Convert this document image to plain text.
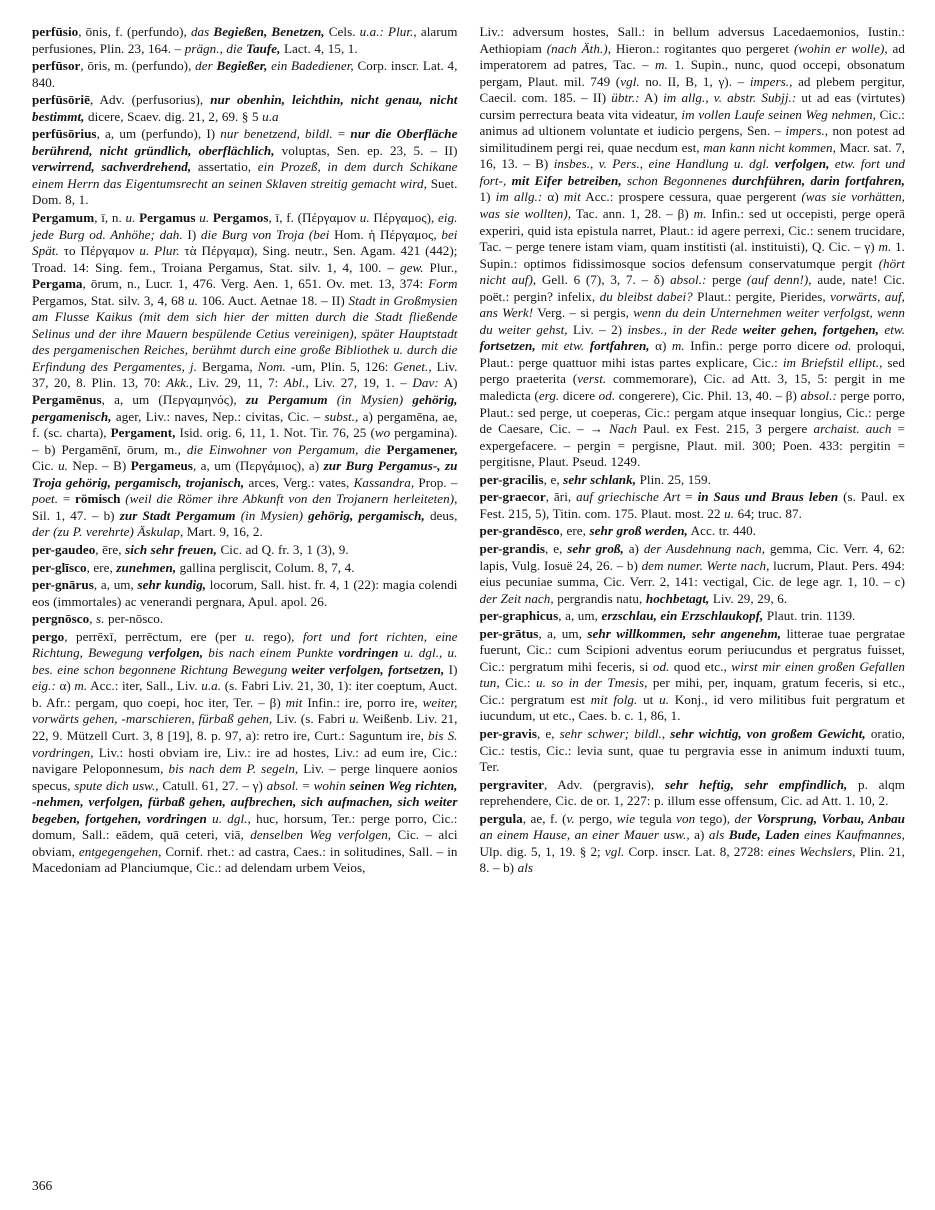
perfūsio, ōnis, f. (perfundo), das Begießen, Benetzen, Cels. u.a.: Plur., alarum perfusiones, Plin. 23, 164. – prägn., die Taufe, Lact. 4, 15, 1.

perfūsor, ōris, m. (perfundo), der Begießer, ein Badediener, Corp. inscr. Lat. 4, 840.

perfūsōriē, Adv. (perfusorius), nur obenhin, leichthin, nicht genau, nicht bestimmt, dicere, Scaev. dig. 21, 2, 69. § 5 u.a

perfūsōrius, a, um (perfundo), I) nur benetzend, bildl. = nur die Oberfläche berührend, nicht gründlich, oberflächlich, voluptas, Sen. ep. 23, 5. – II) verwirrend, sachverdrehend, assertatio, ein Prozeß, in dem durch Schikane einem Herrn das Eigentumsrecht an seinen Sklaven streitig gemacht wird, Suet. Dom. 8, 1.

Pergamum, ī, n. u. Pergamus u. Pergamos, ī, f. (Πέργαμον u. Πέργαμος), eig. jede Burg od. Anhöhe; dah. I) die Burg von Troja (bei Hom. ἡ Πέργαμος, bei Spät. το Πέργαμον u. Plur. τὰ Πέργαμα), Sing. neutr., Sen. Agam. 421 (442); Troad. 14: Sing. fem., Troiana Pergamus, Stat. silv. 1, 4, 100. – gew. Plur., Pergama, ōrum, n., Lucr. 1, 476. Verg. Aen. 1, 651. Ov. met. 13, 374: Form Pergamos, Stat. silv. 3, 4, 68 u. 106. Auct. Aetnae 18. – II) Stadt in Großmysien am Flusse Kaikus (mit dem sich hier der mitten durch die Stadt fließende Selinus und der ihre Mauern bespülende Cetius vereinigen), später Hauptstadt des pergamenischen Reiches, berühmt durch eine große Bibliothek u. durch die Erfindung des Pergamentes, j. Bergama, Nom. -um, Plin. 5, 126: Genet., Liv. 37, 20, 8. Plin. 13, 70: Akk., Liv. 29, 11, 7: Abl., Liv. 27, 19, 1. – Dav: A) Pergamēnus, a, um (Περγαμηνός), zu Pergamum (in Mysien) gehörig, pergamenisch, ager, Liv.: naves, Nep.: civitas, Cic. – subst., a) pergamēna, ae, f. (sc. charta), Pergament, Isid. orig. 6, 11, 1. Not. Tir. 76, 25 (wo pergamina). – b) Pergamēnī, ōrum, m., die Einwohner von Pergamum, die Pergamener, Cic. u. Nep. – B) Pergameus, a, um (Περγάμιος), a) zur Burg Pergamus-, zu Troja gehörig, pergamisch, trojanisch, arces, Verg.: vates, Kassandra, Prop. – poet. = römisch (weil die Römer ihre Abkunft von den Trojanern herleiteten), Sil. 1, 47. – b) zur Stadt Pergamum (in Mysien) gehörig, pergamisch, deus, der (zu P. verehrte) Äskulap, Mart. 9, 16, 2.

per-gaudeo, ēre, sich sehr freuen, Cic. ad Q. fr. 3, 1 (3), 9.

per-glīsco, ere, zunehmen, gallina pergliscit, Colum. 8, 7, 4.

per-gnārus, a, um, sehr kundig, locorum, Sall. hist. fr. 4, 1 (22): magia colendi eos (immortales) ac venerandi pergnara, Apul. apol. 26.

pergnōsco, s. per-nōsco.

pergo, perrēxī, perrēctum, ere (per u. rego), fort und fort richten, eine Richtung, Bewegung verfolgen, bis nach einem Punkte vordringen u. dgl., u. bes. eine schon begonnene Richtung Bewegung weiter verfolgen, fortsetzen, I) eig.: α) m. Acc.: iter, Sall., Liv. u.a. (s. Fabri Liv. 21, 30, 1): iter coeptum, Auct. b. Afr.: pergam, quo coepi, hoc iter, Ter. – β) mit Infin.: ire, porro ire, weiter, vorwärts gehen, -marschieren, fürbaß gehen, Liv. (s. Fabri u. Weißenb. Liv. 21, 22, 9. Mützell Curt. 3, 8 [19], 8. p. 97, a): retro ire, Curt.: Saguntum ire, bis S. vordringen, Liv.: hosti obviam ire, Liv.: ire ad hostes, Liv.: ad eum ire, Cic.: navigare Peloponnesum, bis nach dem P. segeln, Liv. – perge linquere aonios specus, spute dich usw., Catull. 61, 27. – γ) absol. = wohin seinen Weg richten, -nehmen, verfolgen, fürbaß gehen, aufbrechen, sich aufmachen, sich weiter begeben, fortgehen, vordringen u. dgl., huc, horsum, Ter.: perge porro, Cic.: domum, Sall.: eādem, quā ceteri, viā, denselben Weg verfolgen, Cic. – alci obviam, entgegengehen, Cornif. rhet.: ad castra, Caes.: in solitudines, Sall. – in Macedoniam ad Planciumque, Cic.: ad delendam urbem Veios,

Liv.: adversum hostes, Sall.: in bellum adversus Lacedaemonios, Iustin.: Aethiopiam (nach Äth.), Hieron.: rogitantes quo pergeret (wohin er wolle), ad imperatorem ad patres, Tac. – m. 1. Supin., nunc, quod occepi, obsonatum pergam, Plaut. mil. 749 (vgl. no. II, B, 1, γ). – impers., ad plebem pergitur, Caecil. com. 185. – II) übtr.: A) im allg., v. abstr. Subjj.: ut ad eas (virtutes) cursim perrectura beata vita videatur, im vollen Laufe seinen Weg nehmen, Cic.: animus ad ultionem voluntate et iudicio pergens, Sen. – impers., non potest ad similitudinem pergi rei, quae necdum est, man kann nicht kommen, Macr. sat. 7, 16, 13. – B) insbes., v. Pers., eine Handlung u. dgl. verfolgen, etw. fort und fort-, mit Eifer betreiben, schon Begonnenes durchführen, darin fortfahren, 1) im allg.: α) mit Acc.: prospere cessura, quae pergerent (was sie vorhätten, was sie wollten), Tac. ann. 1, 28. – β) m. Infin.: sed ut occepisti, perge operā experiri, quid ista epistula narret, Plaut.: id agere perrexi, Cic.: senem trucidare, Tac. – perge tenere istam viam, quam institisti (al. instituisti), Q. Cic. – γ) m. 1. Supin.: optimos fidissimosque socios defensum conservatumque pergit (hört nicht auf), Gell. 6 (7), 3, 7. – δ) absol.: perge (auf denn!), aude, nate! Cic. poët.: pergin? infelix, du bleibst dabei? Plaut.: pergite, Pierides, vorwärts, auf, ans Werk! Verg. – si pergis, wenn du dein Unternehmen weiter verfolgst, wenn du weiter gehst, Liv. – 2) insbes., in der Rede weiter gehen, fortgehen, etw. fortsetzen, mit etw. fortfahren, α) m. Infin.: perge porro dicere od. proloqui, Plaut.: perge quattuor mihi istas partes explicare, Cic.: im Briefstil ellipt., sed pergo praeterita (verst. commemorare), Cic. ad Att. 3, 15, 5: pergit in me maledicta (erg. dicere od. congerere), Cic. Phil. 13, 40. – β) absol.: perge porro, Plaut.: sed perge, ut coeperas, Cic.: pergam atque insequar longius, Cic.: perge de Caesare, Cic. – → Nach Paul. ex Fest. 215, 3 pergere archaist. auch = expergefacere. – pergin = pergisne, Plaut. mil. 300; Poen. 433: pergitin = pergitisne, Plaut. Pseud. 1249.

per-gracilis, e, sehr schlank, Plin. 25, 159.

per-graecor, āri, auf griechische Art = in Saus und Braus leben (s. Paul. ex Fest. 215, 5), Titin. com. 175. Plaut. most. 22 u. 64; truc. 87.

per-grandēsco, ere, sehr groß werden, Acc. tr. 440.

per-grandis, e, sehr groß, a) der Ausdehnung nach, gemma, Cic. Verr. 4, 62: lapis, Vulg. Iosuë 24, 26. – b) dem numer. Werte nach, lucrum, Plaut. Pers. 494: eius pecuniae summa, Cic. Verr. 2, 141: vectigal, Cic. de lege agr. 1, 10. – c) der Zeit nach, pergrandis natu, hochbetagt, Liv. 29, 29, 6.

per-graphicus, a, um, erzschlau, ein Erzschlaukopf, Plaut. trin. 1139.

per-grātus, a, um, sehr willkommen, sehr angenehm, litterae tuae pergratae fuerunt, Cic.: cum Scipioni adventus eorum periucundus et pergratus fuisset, Cic.: pergratum mihi feceris, si od. quod etc., wirst mir einen großen Gefallen tun, Cic.: u. so in der Tmesis, per mihi, per, inquam, gratum feceris, si etc., Cic.: pergratum est mit folg. ut u. Konj., id vero militibus fuit pergratum et iucundum, ut etc., Caes. b. c. 1, 86, 1.

per-gravis, e, sehr schwer; bildl., sehr wichtig, von großem Gewicht, oratio, Cic.: testis, Cic.: levia sunt, quae tu pergravia esse in animum induxti tuum, Ter.

pergraviter, Adv. (pergravis), sehr heftig, sehr empfindlich, p. alqm reprehendere, Cic. de or. 1, 227: p. illum esse offensum, Cic. ad Att. 1. 10, 2.

pergula, ae, f. (v. pergo, wie tegula von tego), der Vorsprung, Vorbau, Anbau an einem Hause, an einer Mauer usw., a) als Bude, Laden eines Kaufmannes, Ulp. dig. 5, 1, 19. § 2; vgl. Corp. inscr. Lat. 8, 2728: eines Wechslers, Plin. 21, 8. – b) als

366
